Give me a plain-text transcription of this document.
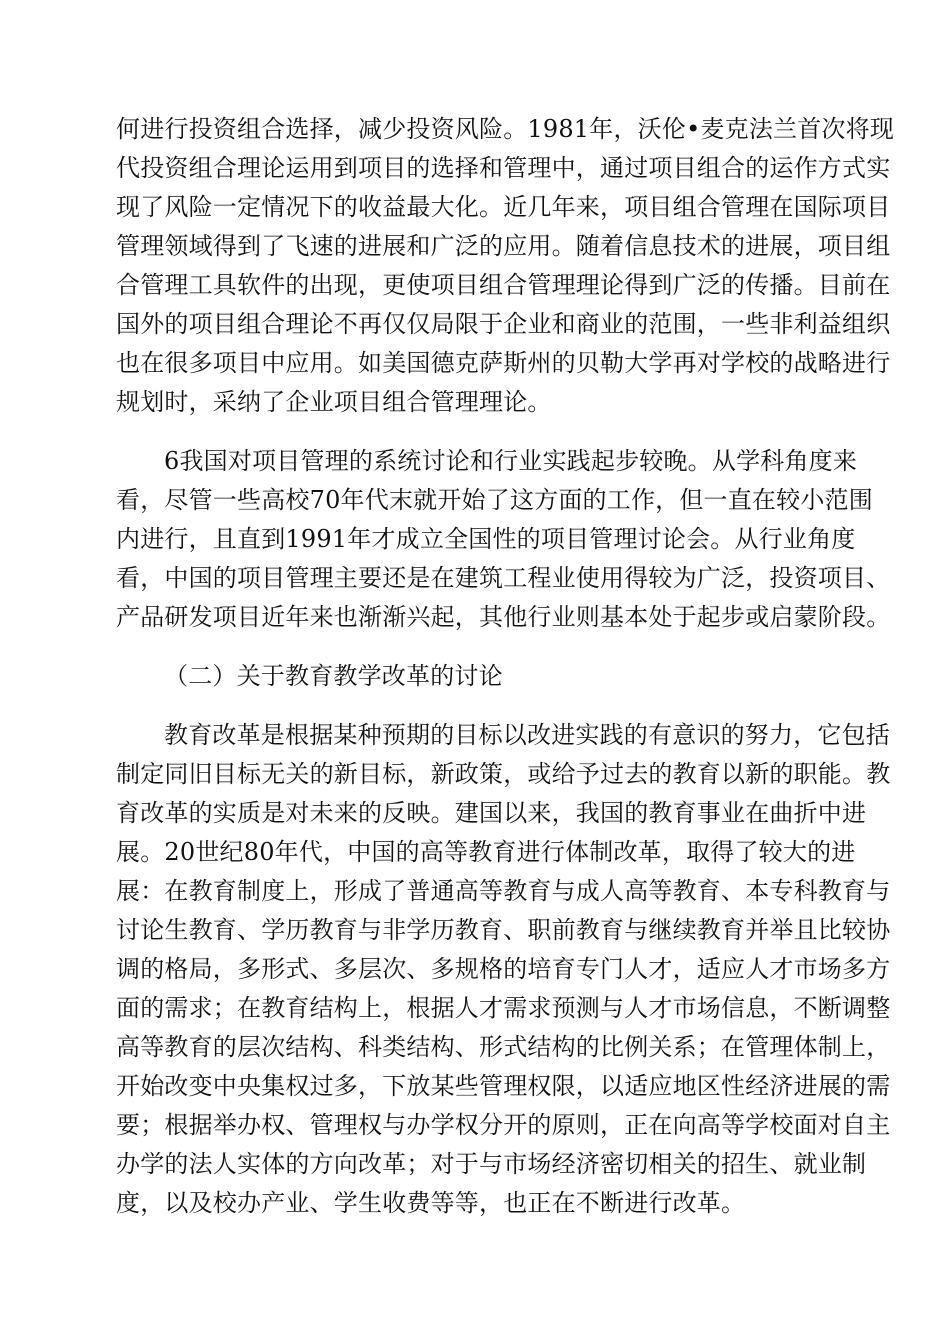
何进行投资组合选择，减少投资风险。1981年，沃伦•麦克法兰首次将现
代投资组合理论运用到项目的选择和管理中，通过项目组合的运作方式实
现了风险一定情况下的收益最大化。近几年来，项目组合管理在国际项目
管理领域得到了飞速的进展和广泛的应用。随着信息技术的进展，项目组
合管理工具软件的出现，更使项目组合管理理论得到广泛的传播。目前在
国外的项目组合理论不再仅仅局限于企业和商业的范围，一些非利益组织
也在很多项目中应用。如美国德克萨斯州的贝勒大学再对学校的战略进行
规划时，采纳了企业项目组合管理理论。
6我国对项目管理的系统讨论和行业实践起步较晚。从学科角度来
看，尽管一些高校70年代末就开始了这方面的工作，但一直在较小范围
内进行，且直到1991年才成立全国性的项目管理讨论会。从行业角度
看，中国的项目管理主要还是在建筑工程业使用得较为广泛，投资项目、
产品研发项目近年来也渐渐兴起，其他行业则基本处于起步或启蒙阶段。
（二）关于教育教学改革的讨论
教育改革是根据某种预期的目标以改进实践的有意识的努力，它包括
制定同旧目标无关的新目标，新政策，或给予过去的教育以新的职能。教
育改革的实质是对未来的反映。建国以来，我国的教育事业在曲折中进
展。20世纪80年代，中国的高等教育进行体制改革，取得了较大的进
展：在教育制度上，形成了普通高等教育与成人高等教育、本专科教育与
讨论生教育、学历教育与非学历教育、职前教育与继续教育并举且比较协
调的格局，多形式、多层次、多规格的培育专门人才，适应人才市场多方
面的需求；在教育结构上，根据人才需求预测与人才市场信息，不断调整
高等教育的层次结构、科类结构、形式结构的比例关系；在管理体制上，
开始改变中央集权过多，下放某些管理权限，以适应地区性经济进展的需
要；根据举办权、管理权与办学权分开的原则，正在向高等学校面对自主
办学的法人实体的方向改革；对于与市场经济密切相关的招生、就业制
度，以及校办产业、学生收费等等，也正在不断进行改革。
